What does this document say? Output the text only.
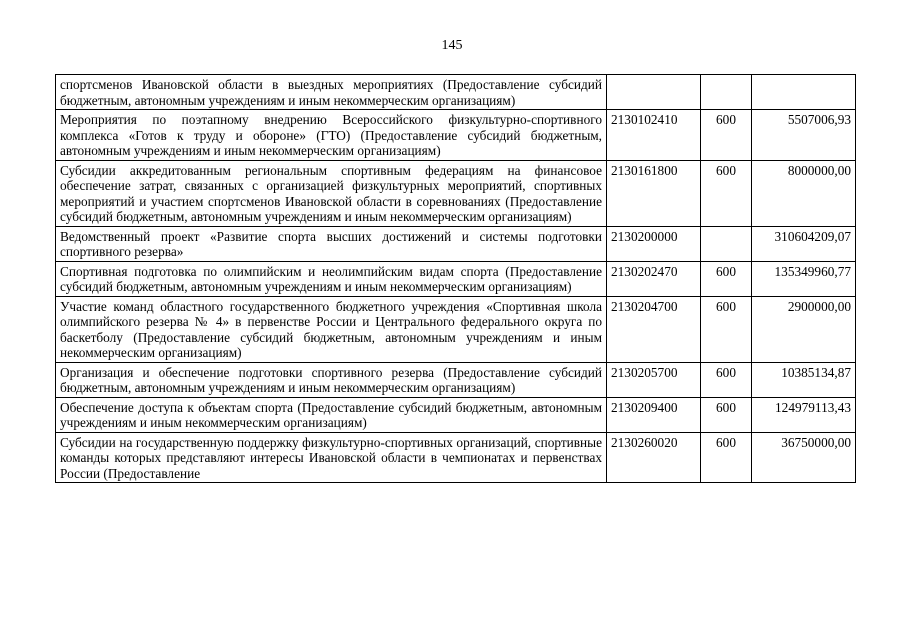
145
спортсменов Ивановской области в выездных мероприятиях (Предоставление субсидий бюджетным, автономным учреждениям и иным некоммерческим организациям)			
Мероприятия по поэтапному внедрению Всероссийского физкультурно-спортивного комплекса «Готов к труду и обороне» (ГТО) (Предоставление субсидий бюджетным, автономным учреждениям и иным некоммерческим организациям)	2130102410	600	5507006,93
Субсидии аккредитованным региональным спортивным федерациям на финансовое обеспечение затрат, связанных с организацией физкультурных мероприятий, спортивных мероприятий и участием спортсменов Ивановской области в соревнованиях (Предоставление субсидий бюджетным, автономным учреждениям и иным некоммерческим организациям)	2130161800	600	8000000,00
Ведомственный проект «Развитие спорта высших достижений и системы подготовки спортивного резерва»	2130200000		310604209,07
Спортивная подготовка по олимпийским и неолимпийским видам спорта (Предоставление субсидий бюджетным, автономным учреждениям и иным некоммерческим организациям)	2130202470	600	135349960,77
Участие команд областного государственного бюджетного учреждения «Спортивная школа олимпийского резерва № 4» в первенстве России и Центрального федерального округа по баскетболу (Предоставление субсидий бюджетным, автономным учреждениям и иным некоммерческим организациям)	2130204700	600	2900000,00
Организация и обеспечение подготовки спортивного резерва (Предоставление субсидий бюджетным, автономным учреждениям и иным некоммерческим организациям)	2130205700	600	10385134,87
Обеспечение доступа к объектам спорта (Предоставление субсидий бюджетным, автономным учреждениям и иным некоммерческим организациям)	2130209400	600	124979113,43
Субсидии на государственную поддержку физкультурно-спортивных организаций, спортивные команды которых представляют интересы Ивановской области в чемпионатах и первенствах России (Предоставление	2130260020	600	36750000,00
